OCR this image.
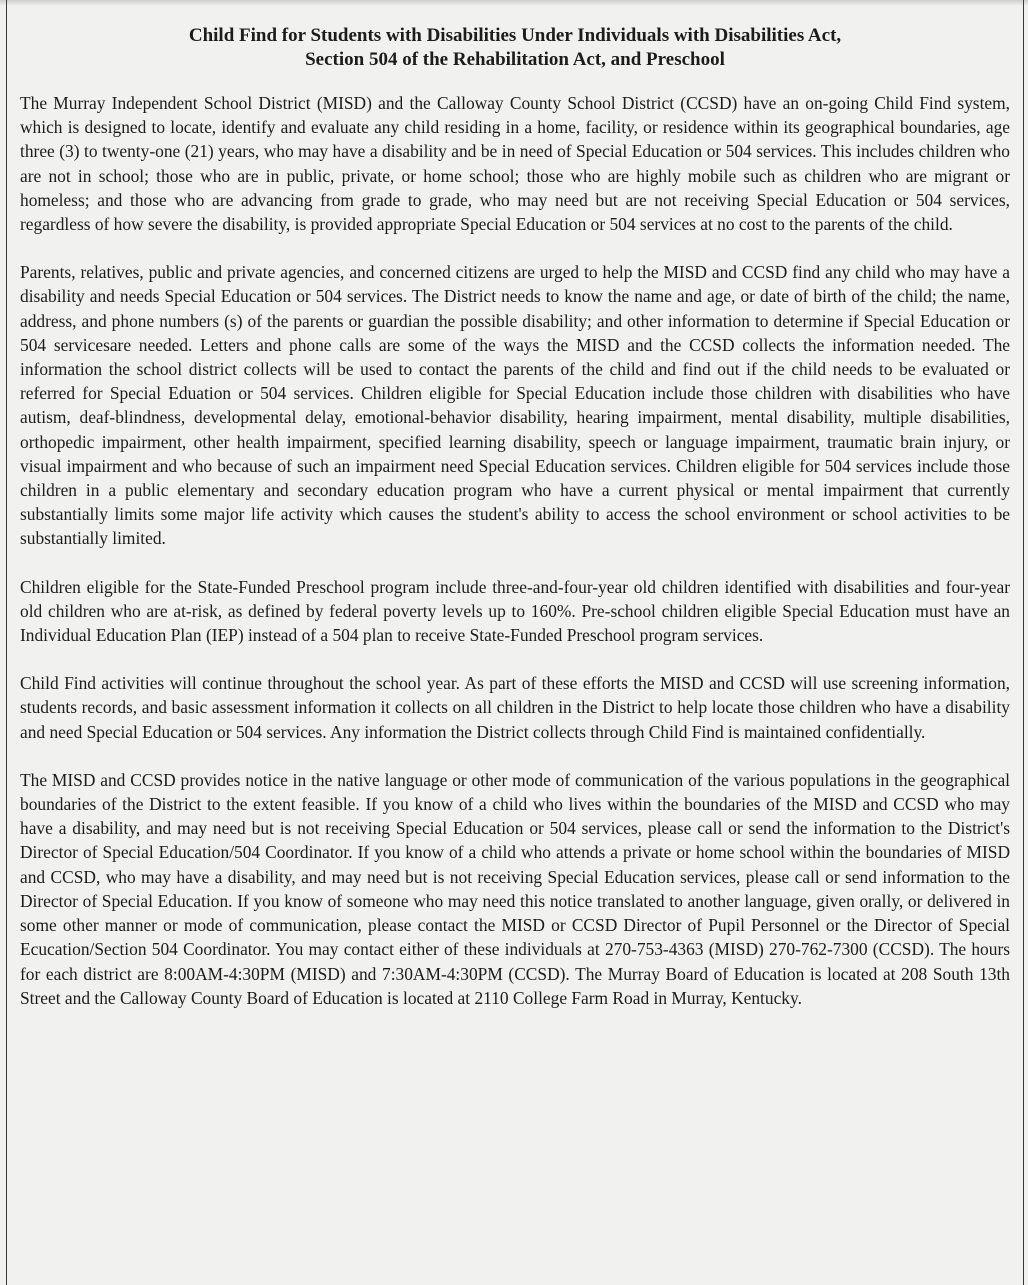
Child Find for Students with Disabilities Under Individuals with Disabilities Act,
Section 504 of the Rehabilitation Act, and Preschool

The Murray Independent School District (MISD) and the Calloway County School District (CCSD) have an on-going Child Find system, which is designed to locate, identify and evaluate any child residing in a home, facility, or residence within its geographical boundaries, age three (3) to twenty-one (21) years, who may have a disability and be in need of Special Education or 504 services. This includes children who are not in school; those who are in public, private, or home school; those who are highly mobile such as children who are migrant or homeless; and those who are advancing from grade to grade, who may need but are not receiving Special Education or 504 services, regardless of how severe the disability, is provided appropriate Special Education or 504 services at no cost to the parents of the child.

Parents, relatives, public and private agencies, and concerned citizens are urged to help the MISD and CCSD find any child who may have a disability and needs Special Education or 504 services. The District needs to know the name and age, or date of birth of the child; the name, address, and phone numbers (s) of the parents or guardian the possible disability; and other information to determine if Special Education or 504 servicesare needed. Letters and phone calls are some of the ways the MISD and the CCSD collects the information needed. The information the school district collects will be used to contact the parents of the child and find out if the child needs to be evaluated or referred for Special Eduation or 504 services. Children eligible for Special Education include those children with disabilities who have autism, deaf-blindness, developmental delay, emotional-behavior disability, hearing impairment, mental disability, multiple disabilities, orthopedic impairment, other health impairment, specified learning disability, speech or language impairment, traumatic brain injury, or visual impairment and who because of such an impairment need Special Education services. Children eligible for 504 services include those children in a public elementary and secondary education program who have a current physical or mental impairment that currently substantially limits some major life activity which causes the student's ability to access the school environment or school activities to be substantially limited.

Children eligible for the State-Funded Preschool program include three-and-four-year old children identified with disabilities and four-year old children who are at-risk, as defined by federal poverty levels up to 160%. Pre-school children eligible Special Education must have an Individual Education Plan (IEP) instead of a 504 plan to receive State-Funded Preschool program services.

Child Find activities will continue throughout the school year. As part of these efforts the MISD and CCSD will use screening information, students records, and basic assessment information it collects on all children in the District to help locate those children who have a disability and need Special Education or 504 services. Any information the District collects through Child Find is maintained confidentially.

The MISD and CCSD provides notice in the native language or other mode of communication of the various populations in the geographical boundaries of the District to the extent feasible. If you know of a child who lives within the boundaries of the MISD and CCSD who may have a disability, and may need but is not receiving Special Education or 504 services, please call or send the information to the District's Director of Special Education/504 Coordinator. If you know of a child who attends a private or home school within the boundaries of MISD and CCSD, who may have a disability, and may need but is not receiving Special Education services, please call or send information to the Director of Special Education. If you know of someone who may need this notice translated to another language, given orally, or delivered in some other manner or mode of communication, please contact the MISD or CCSD Director of Pupil Personnel or the Director of Special Ecucation/Section 504 Coordinator. You may contact either of these individuals at 270-753-4363 (MISD) 270-762-7300 (CCSD). The hours for each district are 8:00AM-4:30PM (MISD) and 7:30AM-4:30PM (CCSD). The Murray Board of Education is located at 208 South 13th Street and the Calloway County Board of Education is located at 2110 College Farm Road in Murray, Kentucky.
